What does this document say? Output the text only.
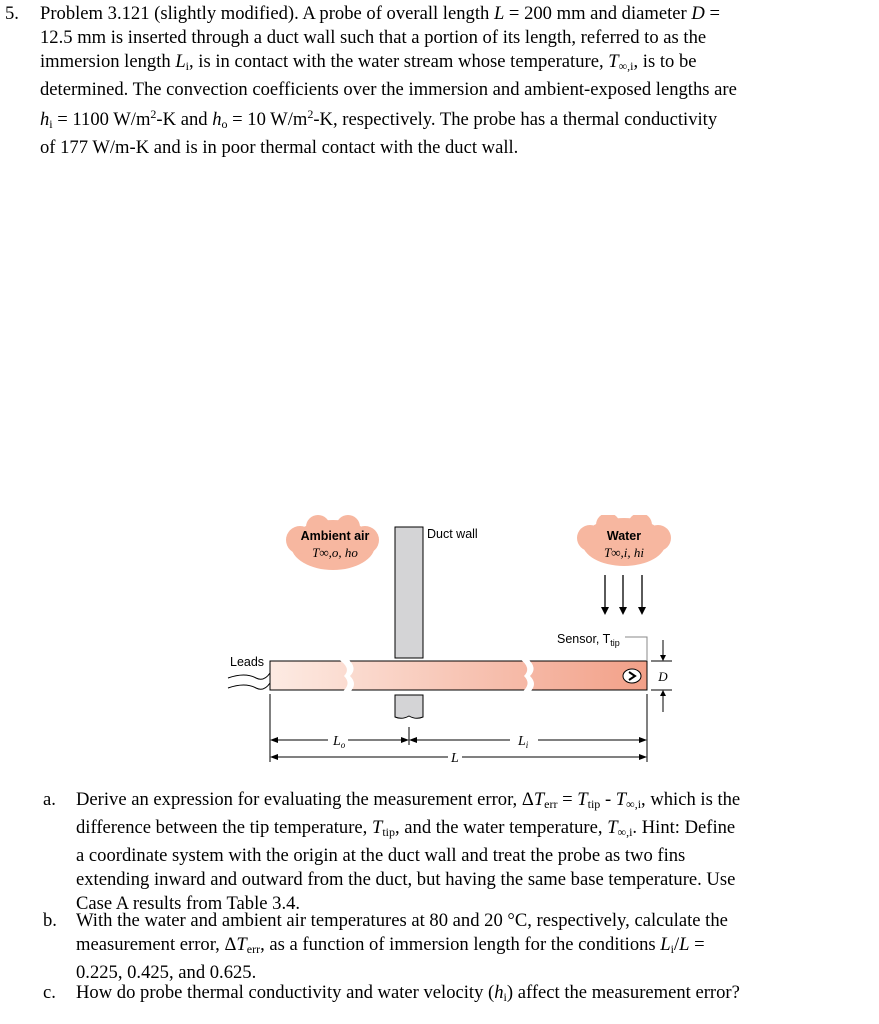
5. Problem 3.121 (slightly modified). A probe of overall length L = 200 mm and diameter D =
12.5 mm is inserted through a duct wall such that a portion of its length, referred to as the
immersion length $L_i$, is in contact with the water stream whose temperature, $T_{\infty,i}$, is to be
determined. The convection coefficients over the immersion and ambient-exposed lengths are
$h_i = 1100$ $W/m^2-K$ and $h_o = 10$ $W/m^2-K$, respectively. The probe has a thermal conductivity
of 177 W/m-K and is in poor thermal contact with the duct wall.
Ambient air
T∞,o, ho
Water
T∞,i, hi
Duct wall
Leads
Sensor, $T_{tip}$
D
$L_o$	$L_i$
L
a. Derive an expression for evaluating the measurement error, $\Delta T_{err} = T_{tip} - T_{\infty,i}$, which is the
difference between the tip temperature, $T_{tip}$, and the water temperature, $T_{\infty,i}$. Hint: Define
a coordinate system with the origin at the duct wall and treat the probe as two fins
extending inward and outward from the duct, but having the same base temperature. Use
Case A results from Table 3.4.
b. With the water and ambient air temperatures at 80 and 20 °C, respectively, calculate the
measurement error, $\Delta T_{err}$, as a function of immersion length for the conditions $L_i/L$ =
0.225, 0.425, and 0.625.
c. How do probe thermal conductivity and water velocity $(h_i)$ affect the measurement error?
